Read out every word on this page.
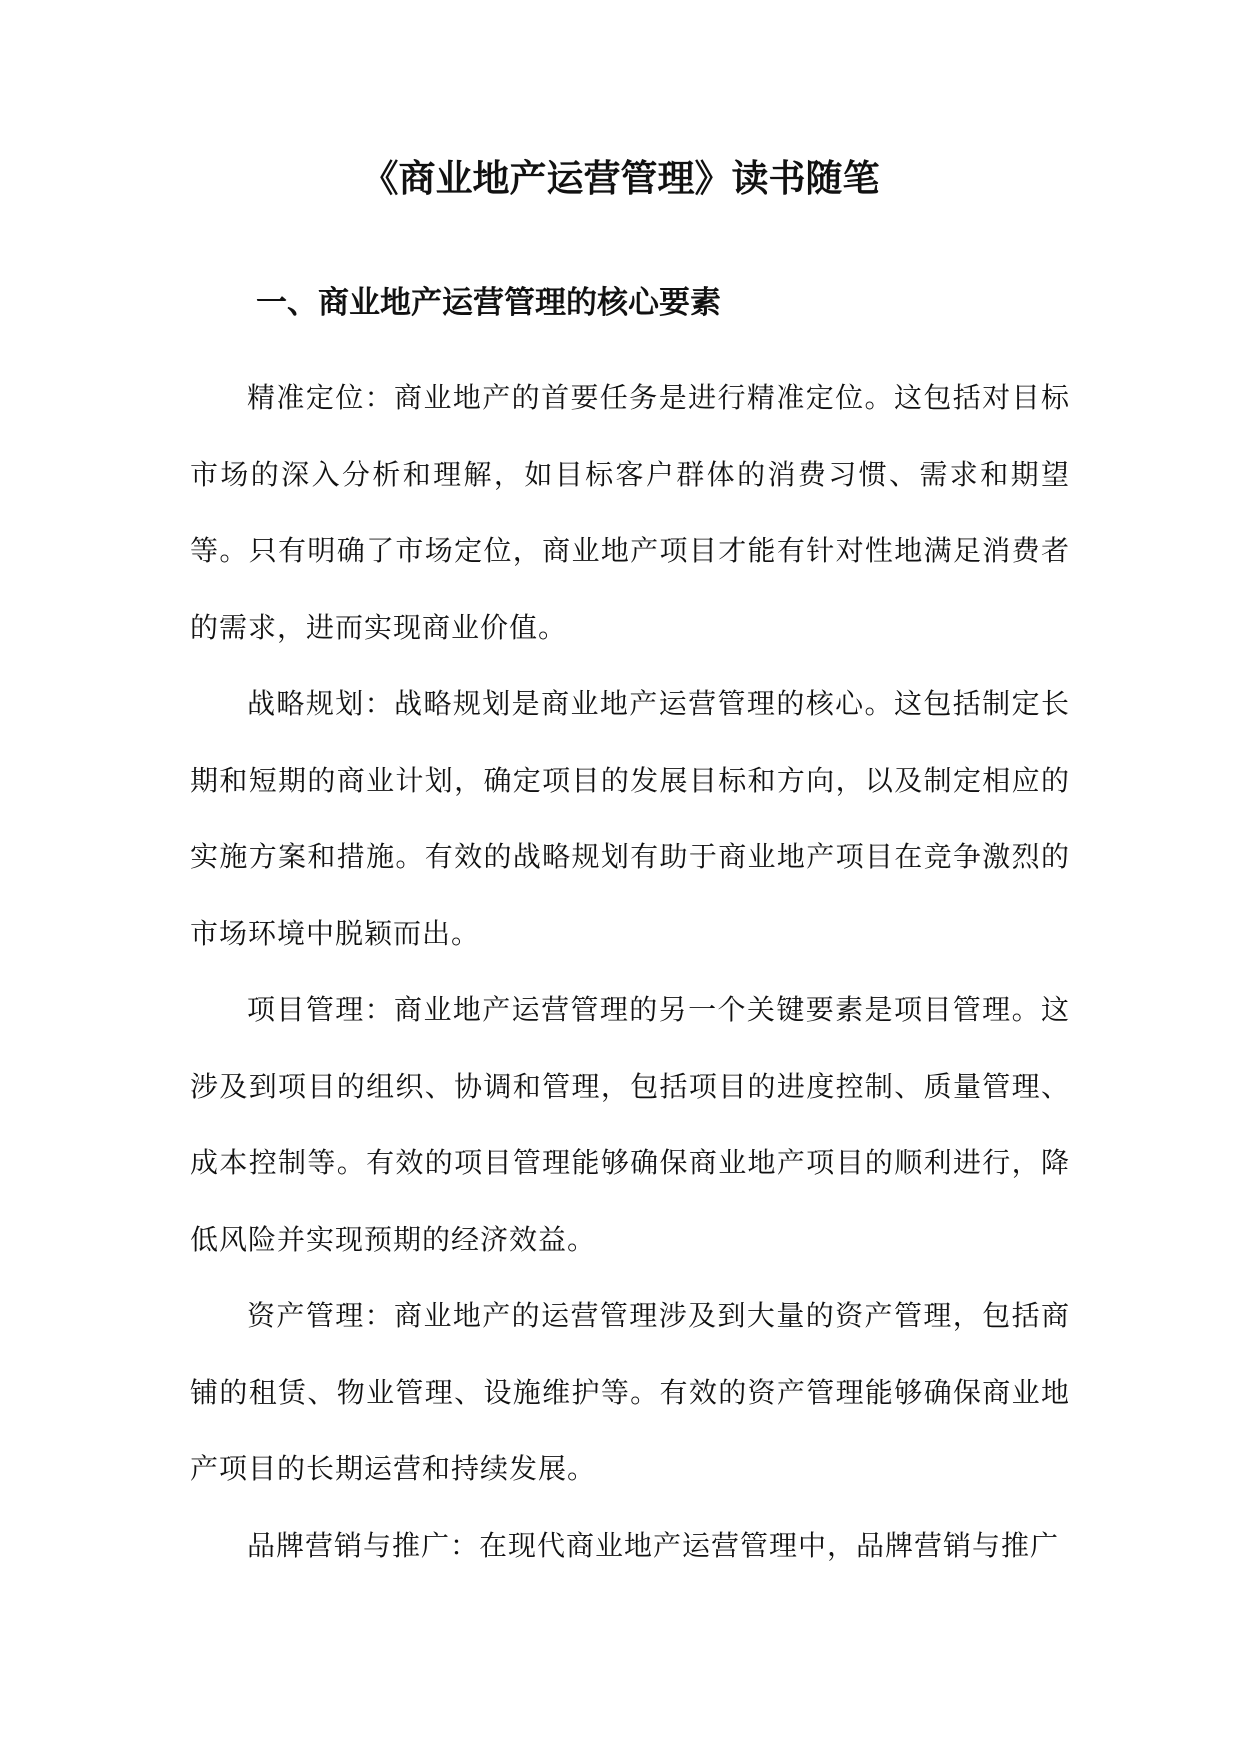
《商业地产运营管理》读书随笔
一、商业地产运营管理的核心要素

精准定位：商业地产的首要任务是进行精准定位。这包括对目标市场的深入分析和理解，如目标客户群体的消费习惯、需求和期望等。只有明确了市场定位，商业地产项目才能有针对性地满足消费者的需求，进而实现商业价值。

战略规划：战略规划是商业地产运营管理的核心。这包括制定长期和短期的商业计划，确定项目的发展目标和方向，以及制定相应的实施方案和措施。有效的战略规划有助于商业地产项目在竞争激烈的市场环境中脱颖而出。

项目管理：商业地产运营管理的另一个关键要素是项目管理。这涉及到项目的组织、协调和管理，包括项目的进度控制、质量管理、成本控制等。有效的项目管理能够确保商业地产项目的顺利进行，降低风险并实现预期的经济效益。

资产管理：商业地产的运营管理涉及到大量的资产管理，包括商铺的租赁、物业管理、设施维护等。有效的资产管理能够确保商业地产项目的长期运营和持续发展。

品牌营销与推广：在现代商业地产运营管理中，品牌营销与推广
